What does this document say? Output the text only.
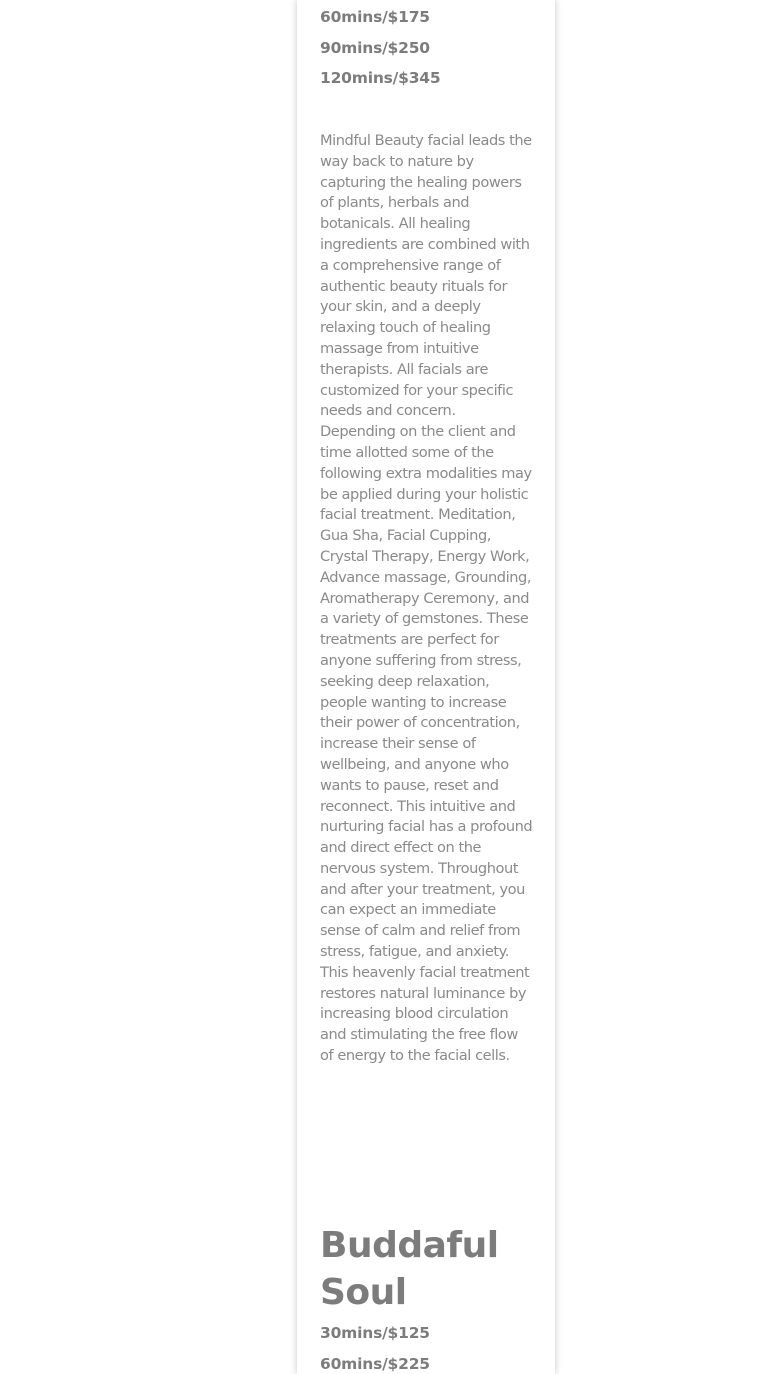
60mins/$175
90mins/$250
120mins/$345

Mindful Beauty facial leads the way back to nature by capturing the healing powers of plants, herbals and botanicals. All healing ingredients are combined with a comprehensive range of authentic beauty rituals for your skin, and a deeply relaxing touch of healing massage from intuitive therapists. All facials are customized for your specific needs and concern. Depending on the client and time allotted some of the following extra modalities may be applied during your holistic facial treatment. Meditation, Gua Sha, Facial Cupping, Crystal Therapy, Energy Work, Advance massage, Grounding, Aromatherapy Ceremony, and a variety of gemstones. These treatments are perfect for anyone suffering from stress, seeking deep relaxation, people wanting to increase their power of concentration, increase their sense of wellbeing, and anyone who wants to pause, reset and reconnect. This intuitive and nurturing facial has a profound and direct effect on the nervous system. Throughout and after your treatment, you can expect an immediate sense of calm and relief from stress, fatigue, and anxiety.  This heavenly facial treatment restores natural luminance by increasing blood circulation and stimulating the free flow of energy to the facial cells.

Buddaful Soul
30mins/$125
60mins/$225
